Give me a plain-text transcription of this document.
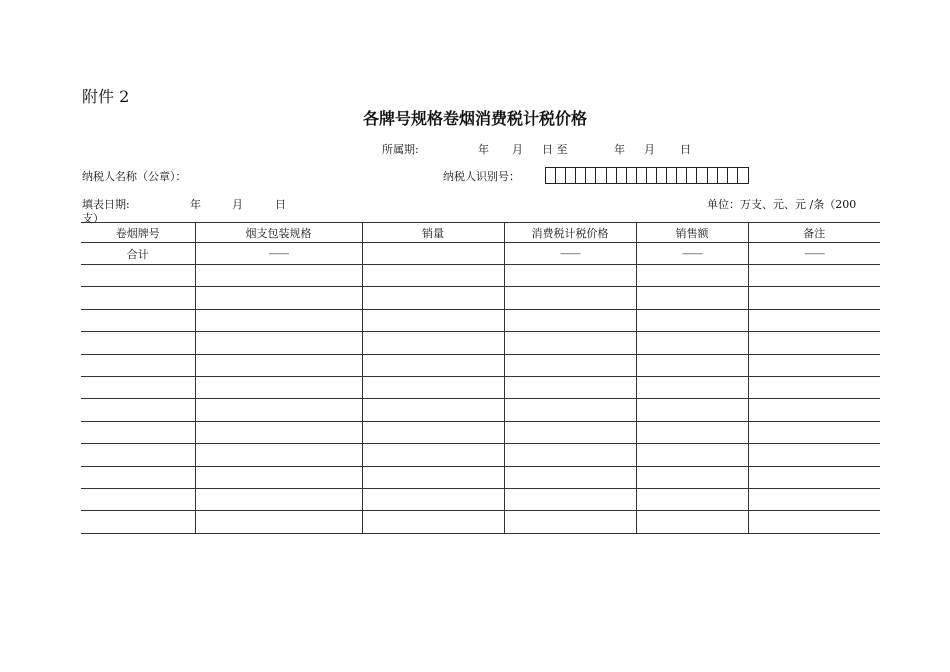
附件 2
各牌号规格卷烟消费税计税价格
所属期:	年 月 日 至	年 月 日
纳税人名称（公章）：	纳税人识别号：
填表日期:	年	月	日	单位：万支、元、元 /条（200
支）
卷烟牌号	烟支包装规格	销量	消费税计税价格	销售额	备注
合计	——		——	——	——
